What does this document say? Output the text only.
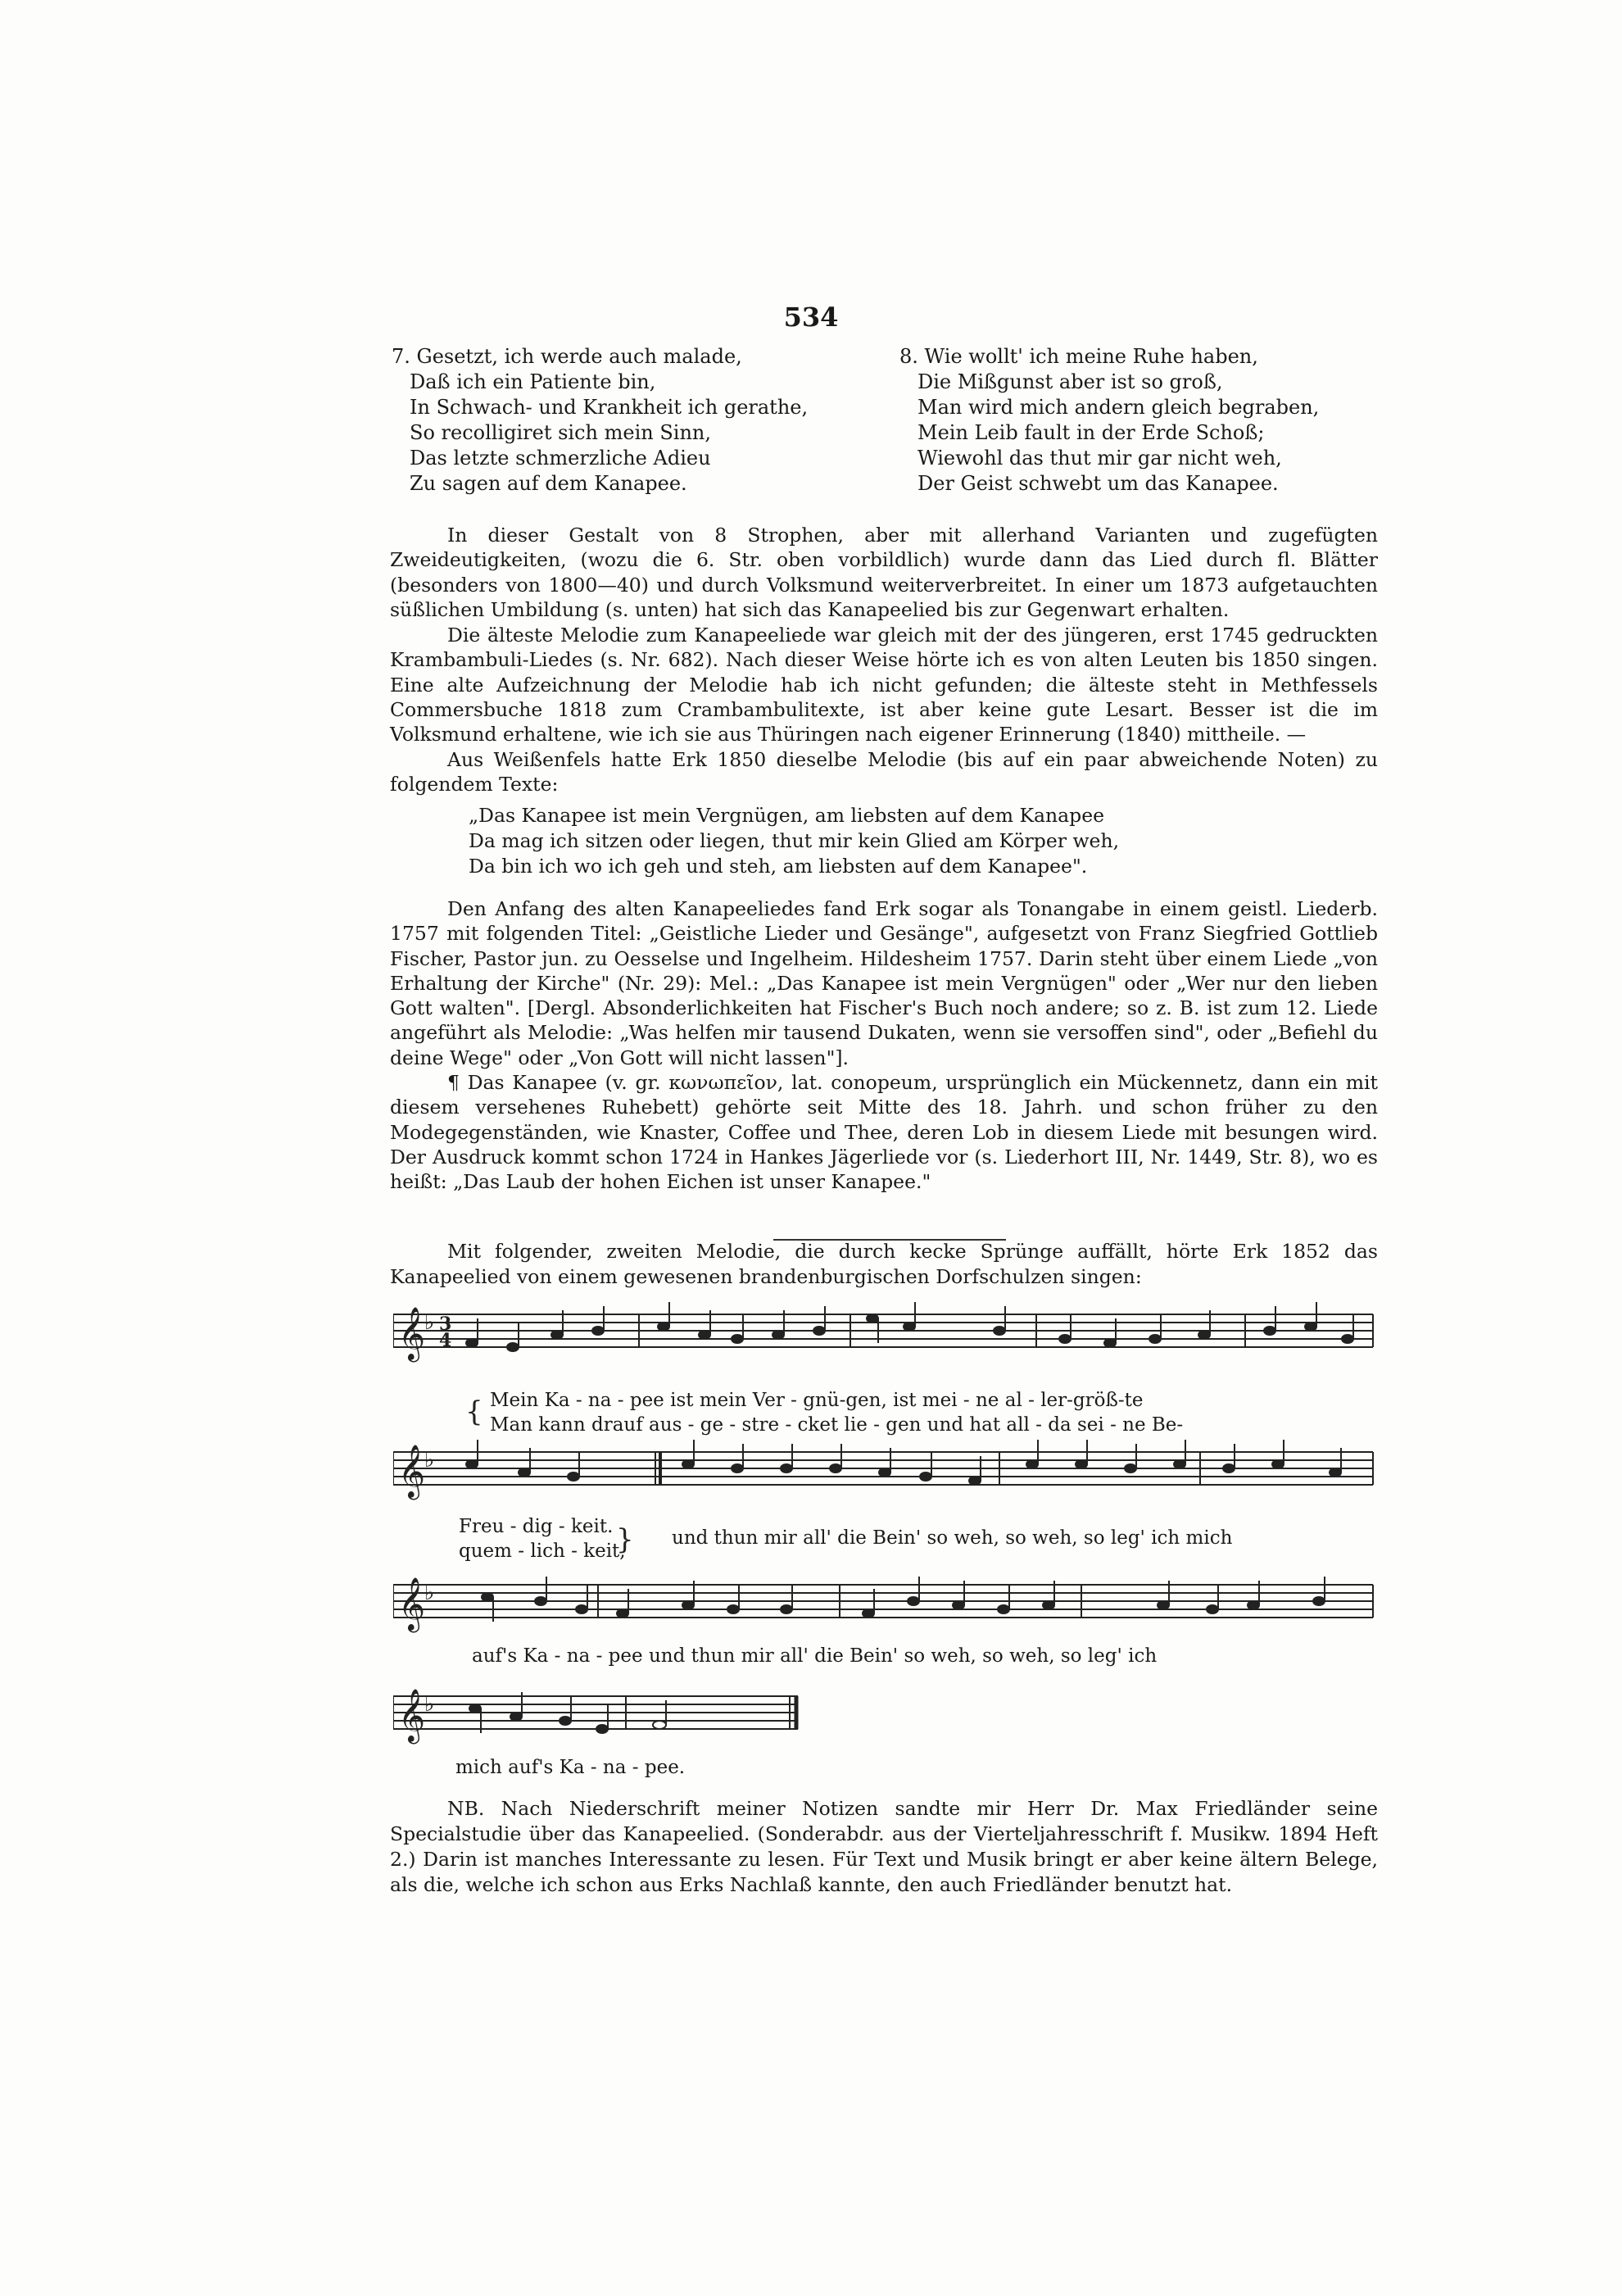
534
7. Gesetzt, ich werde auch malade,
Daß ich ein Patiente bin,
In Schwach- und Krankheit ich gerathe,
So recolligiret sich mein Sinn,
Das letzte schmerzliche Adieu
Zu sagen auf dem Kanapee.
8. Wie wollt' ich meine Ruhe haben,
Die Mißgunst aber ist so groß,
Man wird mich andern gleich begraben,
Mein Leib fault in der Erde Schoß;
Wiewohl das thut mir gar nicht weh,
Der Geist schwebt um das Kanapee.

In dieser Gestalt von 8 Strophen, aber mit allerhand Varianten und zugefügten Zweideutigkeiten, (wozu die 6. Str. oben vorbildlich) wurde dann das Lied durch fl. Blätter (besonders von 1800—40) und durch Volksmund weiterverbreitet. In einer um 1873 aufgetauchten süßlichen Umbildung (s. unten) hat sich das Kanapeelied bis zur Gegenwart erhalten.

Die älteste Melodie zum Kanapeeliede war gleich mit der des jüngeren, erst 1745 gedruckten Krambambuli-Liedes (s. Nr. 682). Nach dieser Weise hörte ich es von alten Leuten bis 1850 singen. Eine alte Aufzeichnung der Melodie hab ich nicht gefunden; die älteste steht in Methfessels Commersbuche 1818 zum Crambambulitexte, ist aber keine gute Lesart. Besser ist die im Volksmund erhaltene, wie ich sie aus Thüringen nach eigener Erinnerung (1840) mittheile. —

Aus Weißenfels hatte Erk 1850 dieselbe Melodie (bis auf ein paar abweichende Noten) zu folgendem Texte:

„Das Kanapee ist mein Vergnügen, am liebsten auf dem Kanapee
Da mag ich sitzen oder liegen, thut mir kein Glied am Körper weh,
Da bin ich wo ich geh und steh, am liebsten auf dem Kanapee".

Den Anfang des alten Kanapeeliedes fand Erk sogar als Tonangabe in einem geistl. Liederb. 1757 mit folgenden Titel: „Geistliche Lieder und Gesänge", aufgesetzt von Franz Siegfried Gottlieb Fischer, Pastor jun. zu Oesselse und Ingelheim. Hildesheim 1757. Darin steht über einem Liede „von Erhaltung der Kirche" (Nr. 29): Mel.: „Das Kanapee ist mein Vergnügen" oder „Wer nur den lieben Gott walten". [Dergl. Absonderlichkeiten hat Fischer's Buch noch andere; so z. B. ist zum 12. Liede angeführt als Melodie: „Was helfen mir tausend Dukaten, wenn sie versoffen sind", oder „Befiehl du deine Wege" oder „Von Gott will nicht lassen"].

¶ Das Kanapee (v. gr. κωνωπεῖον, lat. conopeum, ursprünglich ein Mückennetz, dann ein mit diesem versehenes Ruhebett) gehörte seit Mitte des 18. Jahrh. und schon früher zu den Modegegenständen, wie Knaster, Coffee und Thee, deren Lob in diesem Liede mit besungen wird. Der Ausdruck kommt schon 1724 in Hankes Jägerliede vor (s. Liederhort III, Nr. 1449, Str. 8), wo es heißt: „Das Laub der hohen Eichen ist unser Kanapee."

Mit folgender, zweiten Melodie, die durch kecke Sprünge auffällt, hörte Erk 1852 das Kanapeelied von einem gewesenen brandenburgischen Dorfschulzen singen:

𝄞
♭ 3
4
{ Mein Ka - na - pee ist mein Ver - gnü-gen, ist mei - ne al - ler-größ-te
Man kann drauf aus - ge - stre - cket lie - gen und hat all - da sei - ne Be-
𝄞
♭
Freu - dig - keit.
quem - lich - keit,
} und thun mir all' die Bein' so weh, so weh, so leg' ich mich
𝄞
♭
auf's Ka - na - pee und thun mir all' die Bein' so weh, so weh, so leg' ich
𝄞
♭
mich auf's Ka - na - pee.

NB. Nach Niederschrift meiner Notizen sandte mir Herr Dr. Max Friedländer seine Specialstudie über das Kanapeelied. (Sonderabdr. aus der Vierteljahresschrift f. Musikw. 1894 Heft 2.) Darin ist manches Interessante zu lesen. Für Text und Musik bringt er aber keine ältern Belege, als die, welche ich schon aus Erks Nachlaß kannte, den auch Friedländer benutzt hat.
